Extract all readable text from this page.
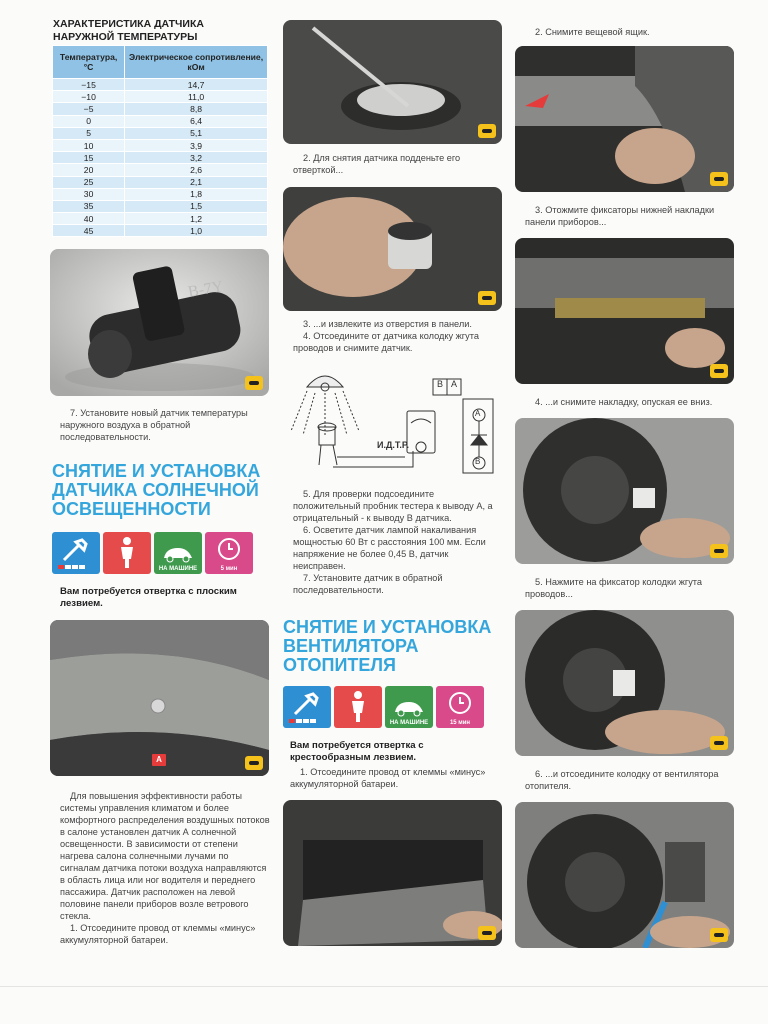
ХАРАКТЕРИСТИКА ДАТЧИКА
НАРУЖНОЙ ТЕМПЕРАТУРЫ
Температура, °С	Электрическое сопротивление, кОм
−15	14,7
−10	11,0
−5	8,8
0	6,4
5	5,1
10	3,9
15	3,2
20	2,6
25	2,1
30	1,8
35	1,5
40	1,2
45	1,0
B-7Y

7. Установите новый датчик температуры наружного воздуха в обратной последовательности.

СНЯТИЕ И УСТАНОВКА
ДАТЧИКА СОЛНЕЧНОЙ
ОСВЕЩЕННОСТИ
НА МАШИНЕ	5 мин
Вам потребуется отвертка с плоским лезвием.
А

Для повышения эффективности работы системы управления климатом и более комфортного распределения воздушных потоков в салоне установлен датчик А солнечной освещенности. В зависимости от степени нагрева салона солнечными лучами по сигналам датчика потоки воздуха направляются в область лица или ног водителя и переднего пассажира. Датчик расположен на левой половине панели приборов возле ветрового стекла.

1. Отсоедините провод от клеммы «минус» аккумуляторной батареи.

2. Для снятия датчика подденьте его отверткой...

3. ...и извлеките из отверстия в панели.

4. Отсоедините от датчика колодку жгута проводов и снимите датчик.

B A
И.Д.Т.Р.
A
B

5. Для проверки подсоедините положительный пробник тестера к выводу А, а отрицательный - к выводу В датчика.

6. Осветите датчик лампой накаливания мощностью 60 Вт с расстояния 100 мм. Если напряжение не более 0,45 В, датчик неисправен.

7. Установите датчик в обратной последовательности.

СНЯТИЕ И УСТАНОВКА
ВЕНТИЛЯТОРА
ОТОПИТЕЛЯ
НА МАШИНЕ	15 мин
Вам потребуется отвертка с крестообразным лезвием.
1. Отсоедините провод от клеммы «минус» аккумуляторной батареи.
2. Снимите вещевой ящик.
3. Отожмите фиксаторы нижней накладки панели приборов...
4. ...и снимите накладку, опуская ее вниз.
5. Нажмите на фиксатор колодки жгута проводов...
6. ...и отсоедините колодку от вентилятора отопителя.
